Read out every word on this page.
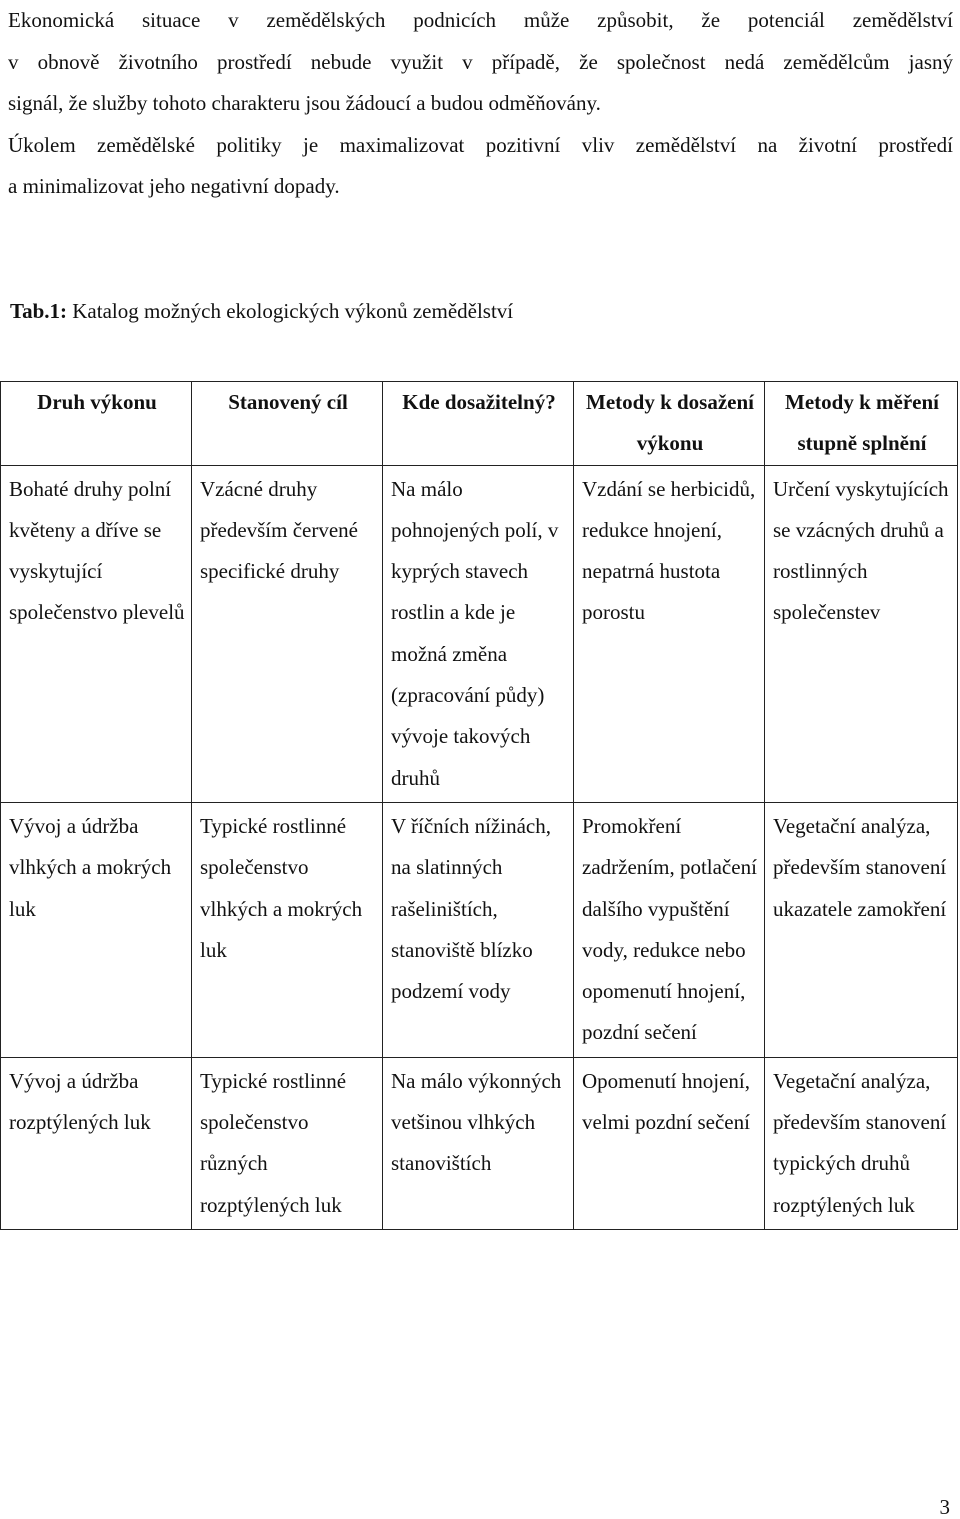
Ekonomická situace v zemědělských podnicích může způsobit, že potenciál zemědělství
v obnově životního prostředí nebude využit v případě, že společnost nedá zemědělcům jasný
signál, že služby tohoto charakteru jsou žádoucí a budou odměňovány.
Úkolem zemědělské politiky je maximalizovat pozitivní vliv zemědělství na životní prostředí
a minimalizovat jeho negativní dopady.

Tab.1: Katalog možných ekologických výkonů zemědělství

Druh výkonu	Stanovený cíl	Kde dosažitelný?	Metody k dosažení výkonu	Metody k měření stupně splnění
Bohaté druhy polní květeny a dříve se vyskytující společenstvo plevelů	Vzácné druhy především červené specifické druhy	Na málo pohnojených polí, v kyprých stavech rostlin a kde je možná změna (zpracování půdy) vývoje takových druhů	Vzdání se herbicidů, redukce hnojení, nepatrná hustota porostu	Určení vyskytujících se vzácných druhů a rostlinných společenstev
Vývoj a údržba vlhkých a mokrých luk	Typické rostlinné společenstvo vlhkých a mokrých luk	V říčních nížinách, na slatinných rašeliništích, stanoviště blízko podzemí vody	Promokření zadržením, potlačení dalšího vypuštění vody, redukce nebo opomenutí hnojení, pozdní sečení	Vegetační analýza, především stanovení ukazatele zamokření
Vývoj a údržba rozptýlených luk	Typické rostlinné společenstvo různých rozptýlených luk	Na málo výkonných vetšinou vlhkých stanovištích	Opomenutí hnojení, velmi pozdní sečení	Vegetační analýza, především stanovení typických druhů rozptýlených luk

3
